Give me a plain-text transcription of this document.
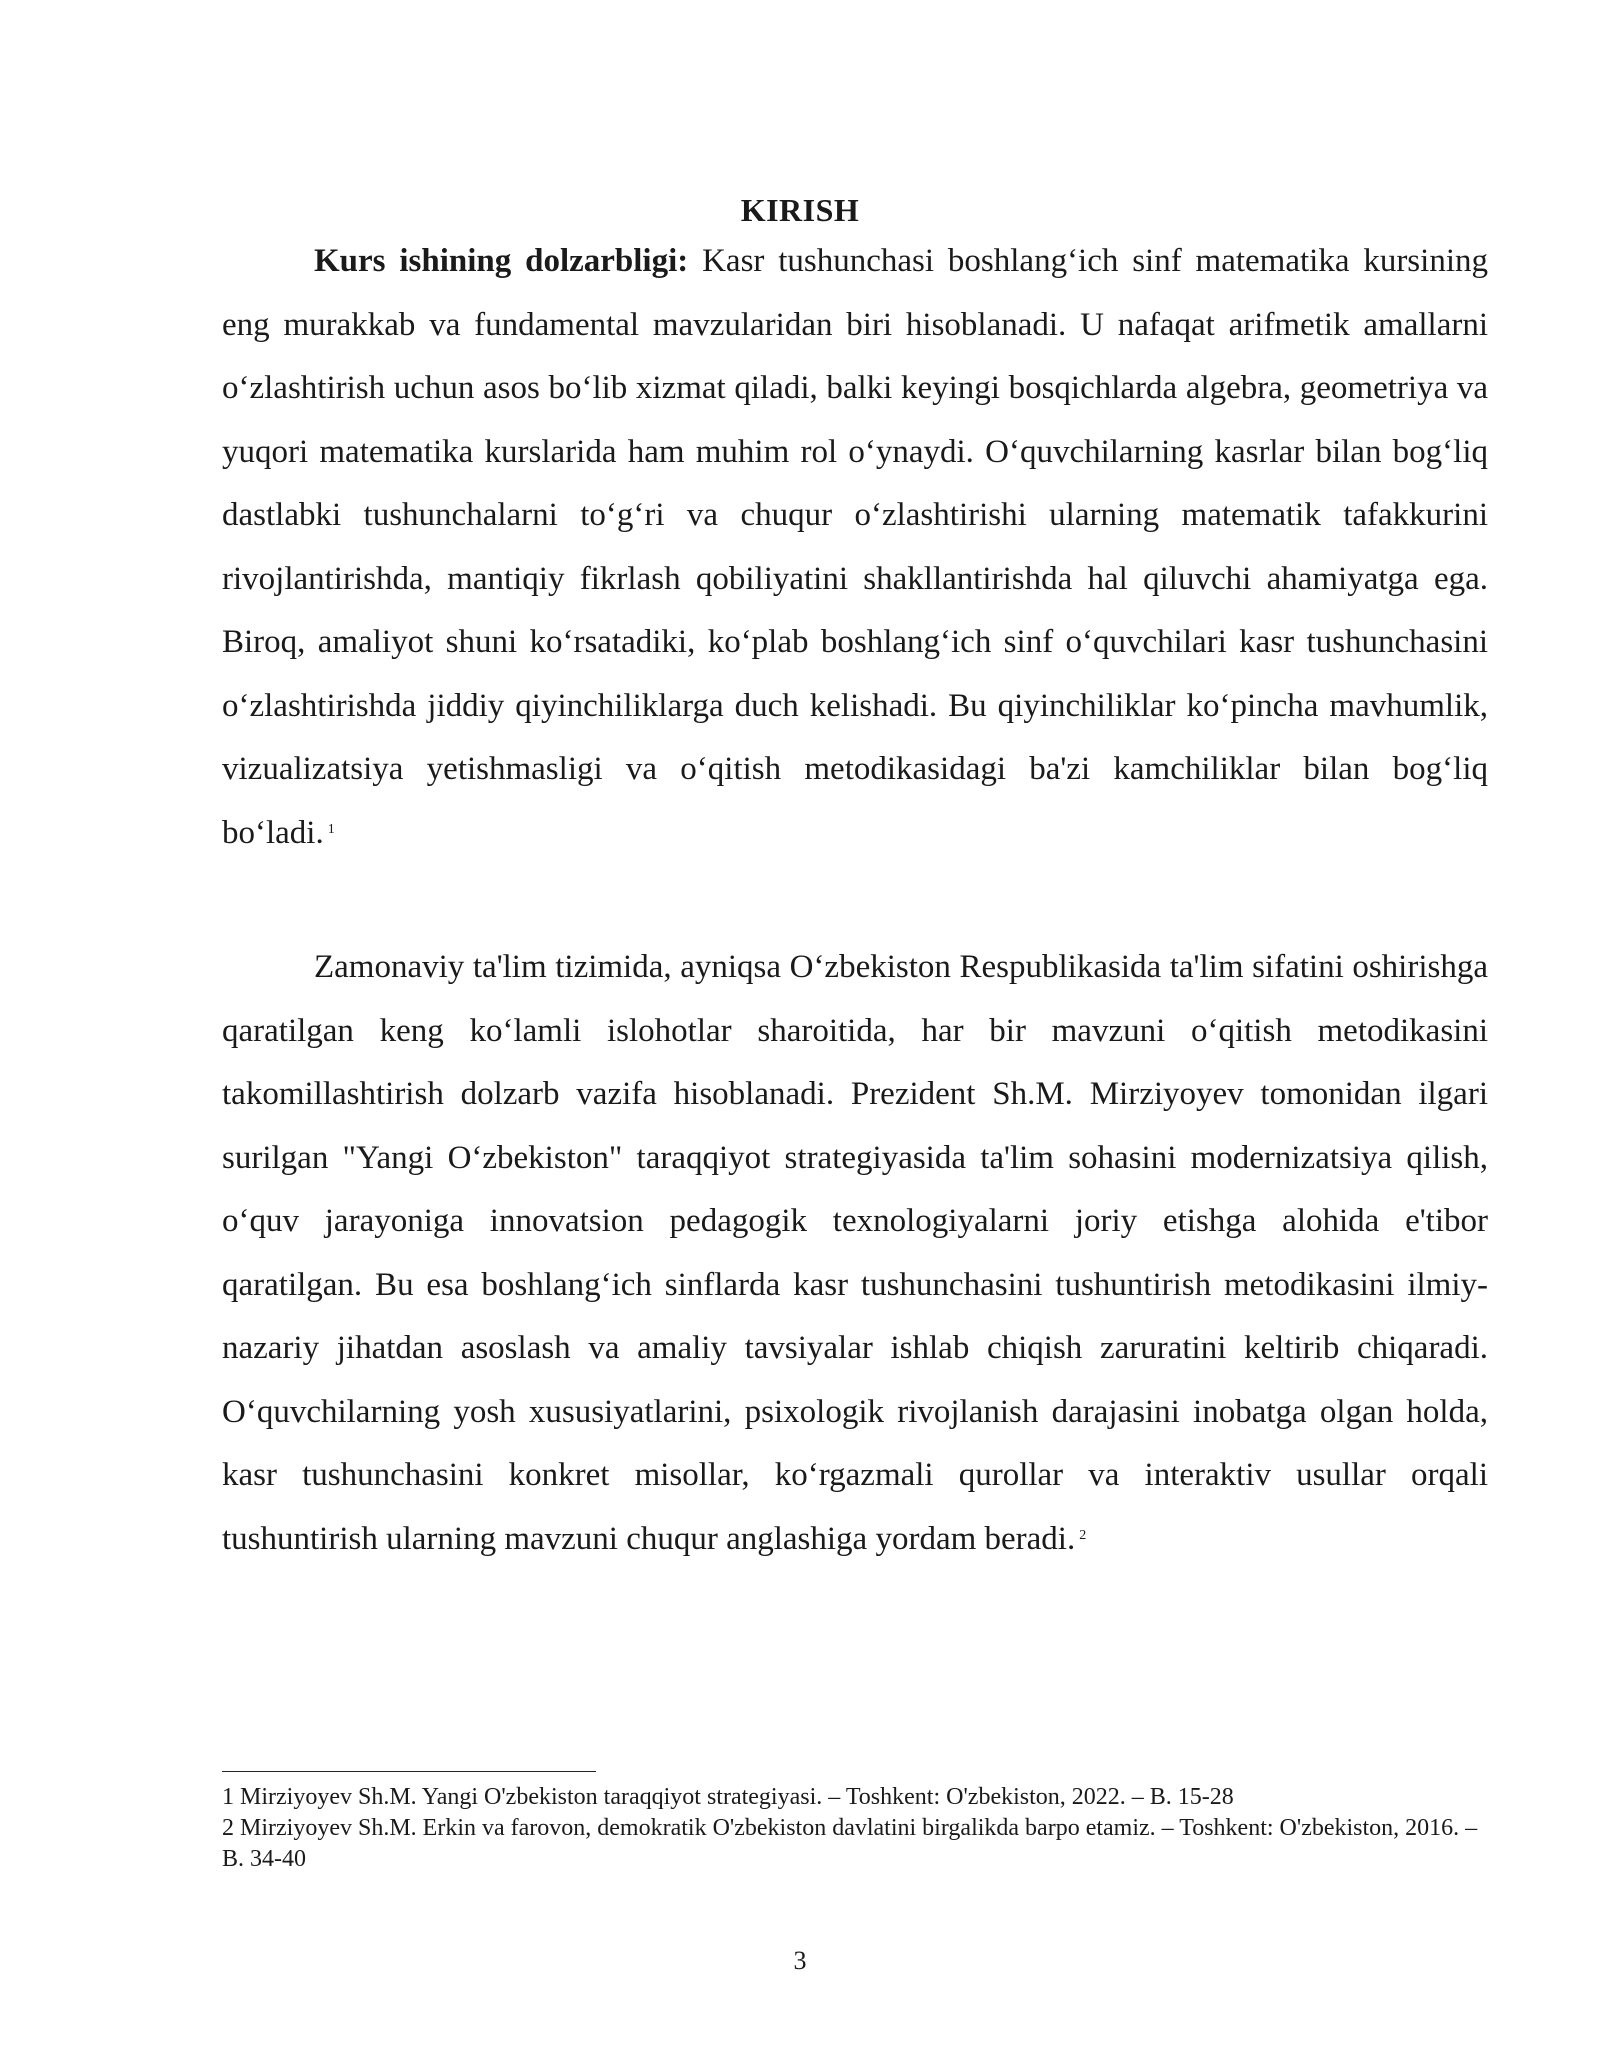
KIRISH

Kurs ishining dolzarbligi: Kasr tushunchasi boshlang‘ich sinf matematika kursining eng murakkab va fundamental mavzularidan biri hisoblanadi. U nafaqat arifmetik amallarni o‘zlashtirish uchun asos bo‘lib xizmat qiladi, balki keyingi bosqichlarda algebra, geometriya va yuqori matematika kurslarida ham muhim rol o‘ynaydi. O‘quvchilarning kasrlar bilan bog‘liq dastlabki tushunchalarni to‘g‘ri va chuqur o‘zlashtirishi ularning matematik tafakkurini rivojlantirishda, mantiqiy fikrlash qobiliyatini shakllantirishda hal qiluvchi ahamiyatga ega. Biroq, amaliyot shuni ko‘rsatadiki, ko‘plab boshlang‘ich sinf o‘quvchilari kasr tushunchasini o‘zlashtirishda jiddiy qiyinchiliklarga duch kelishadi. Bu qiyinchiliklar ko‘pincha mavhumlik, vizualizatsiya yetishmasligi va o‘qitish metodikasidagi ba'zi kamchiliklar bilan bog‘liq bo‘ladi. $^1$

Zamonaviy ta'lim tizimida, ayniqsa O‘zbekiston Respublikasida ta'lim sifatini oshirishga qaratilgan keng ko‘lamli islohotlar sharoitida, har bir mavzuni o‘qitish metodikasini takomillashtirish dolzarb vazifa hisoblanadi. Prezident Sh.M. Mirziyoyev tomonidan ilgari surilgan "Yangi O‘zbekiston" taraqqiyot strategiyasida ta'lim sohasini modernizatsiya qilish, o‘quv jarayoniga innovatsion pedagogik texnologiyalarni joriy etishga alohida e'tibor qaratilgan. Bu esa boshlang‘ich sinflarda kasr tushunchasini tushuntirish metodikasini ilmiy-nazariy jihatdan asoslash va amaliy tavsiyalar ishlab chiqish zaruratini keltirib chiqaradi. O‘quvchilarning yosh xususiyatlarini, psixologik rivojlanish darajasini inobatga olgan holda, kasr tushunchasini konkret misollar, ko‘rgazmali qurollar va interaktiv usullar orqali tushuntirish ularning mavzuni chuqur anglashiga yordam beradi. $^2$

1 Mirziyoyev Sh.M. Yangi O'zbekiston taraqqiyot strategiyasi. – Toshkent: O'zbekiston, 2022. – B. 15-28

2 Mirziyoyev Sh.M. Erkin va farovon, demokratik O'zbekiston davlatini birgalikda barpo etamiz. – Toshkent: O'zbekiston, 2016. – B. 34-40

3
